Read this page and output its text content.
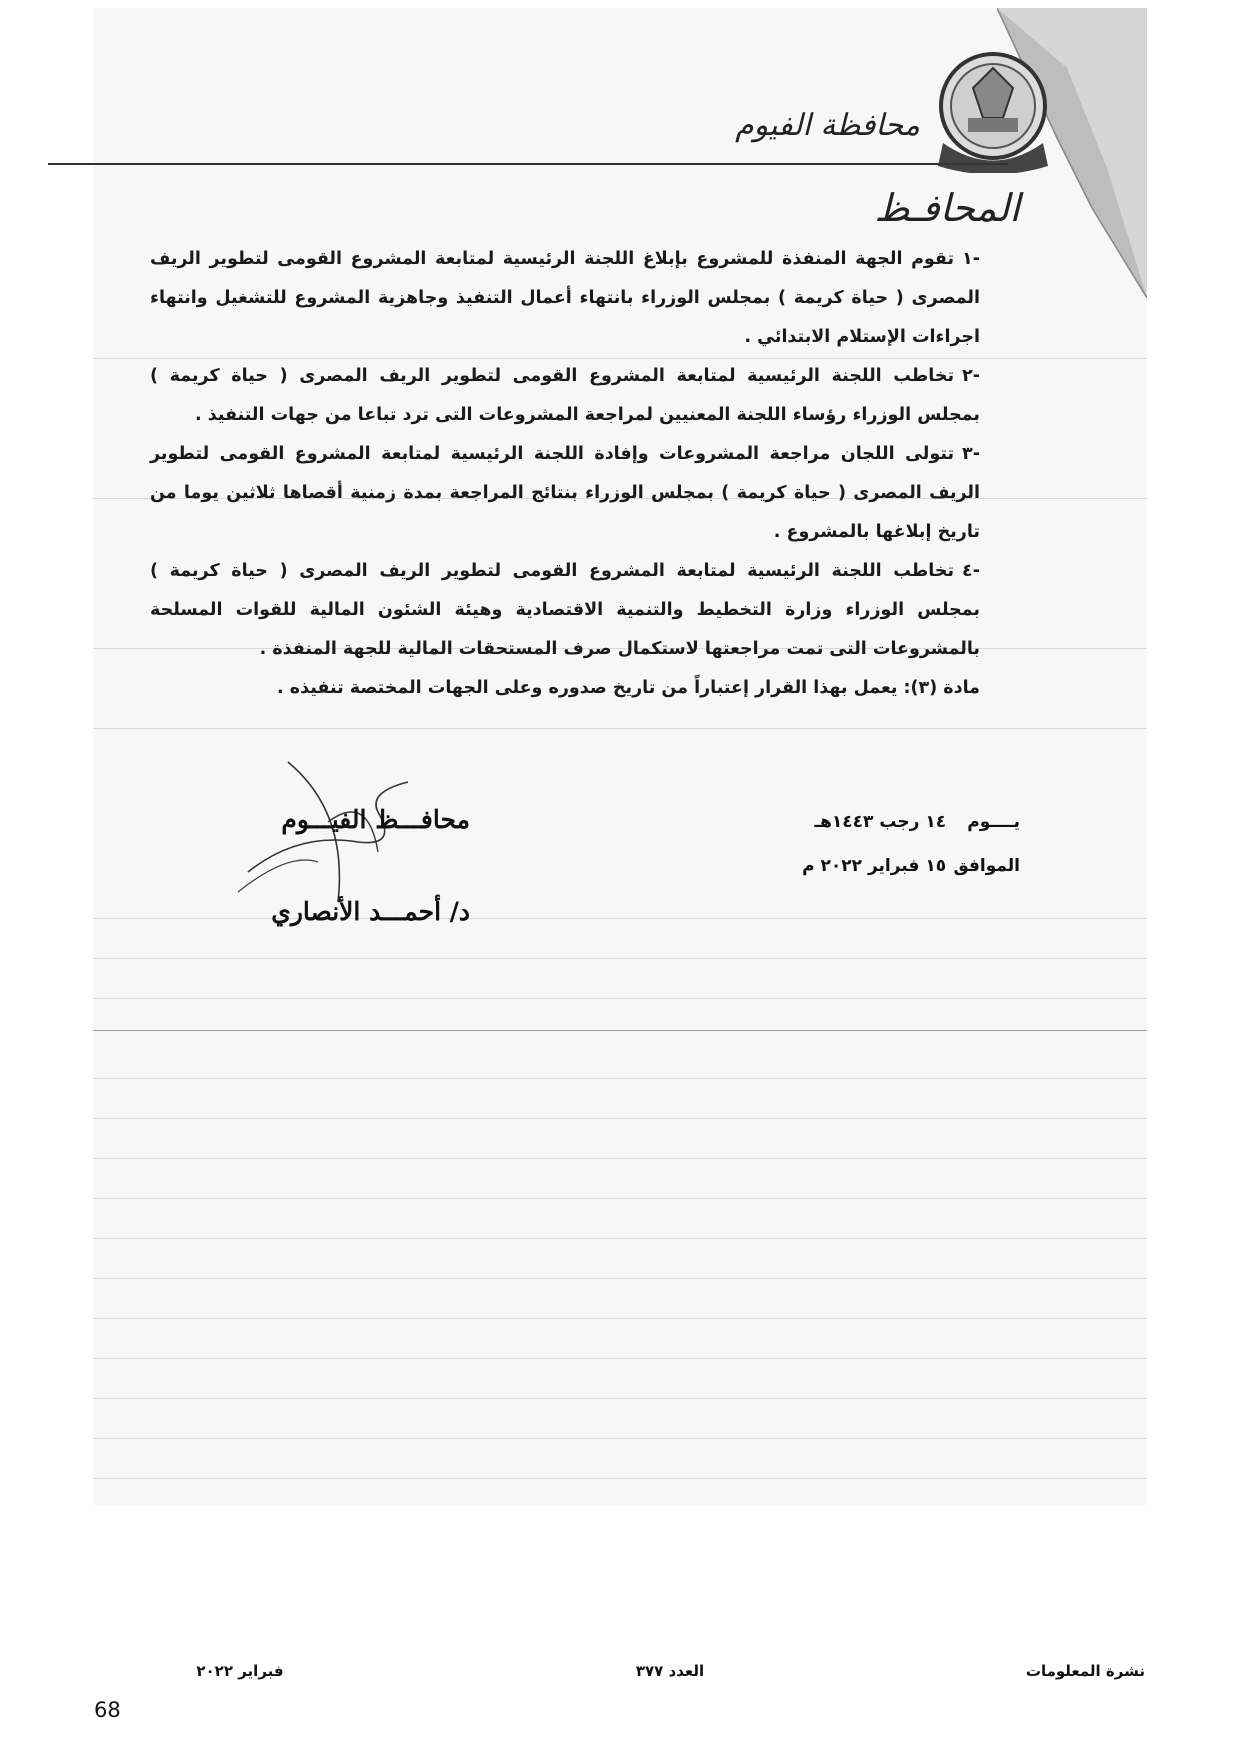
محافظة الفيوم
المحافـظ

-١تقوم الجهة المنفذة للمشروع بإبلاغ اللجنة الرئيسية لمتابعة المشروع القومى لتطوير الريف المصرى ( حياة كريمة ) بمجلس الوزراء بانتهاء أعمال التنفيذ وجاهزية المشروع للتشغيل وانتهاء اجراءات الإستلام الابتدائي .

-٢تخاطب اللجنة الرئيسية لمتابعة المشروع القومى لتطوير الريف المصرى ( حياة كريمة ) بمجلس الوزراء رؤساء اللجنة المعنيين لمراجعة المشروعات التى ترد تباعا من جهات التنفيذ .

-٣تتولى اللجان مراجعة المشروعات وإفادة اللجنة الرئيسية لمتابعة المشروع القومى لتطوير الريف المصرى ( حياة كريمة ) بمجلس الوزراء بنتائج المراجعة بمدة زمنية أقصاها ثلاثين يوما من تاريخ إبلاغها بالمشروع .

-٤تخاطب اللجنة الرئيسية لمتابعة المشروع القومى لتطوير الريف المصرى ( حياة كريمة ) بمجلس الوزراء وزارة التخطيط والتنمية الاقتصادية وهيئة الشئون المالية للقوات المسلحة بالمشروعات التى تمت مراجعتها لاستكمال صرف المستحقات المالية للجهة المنفذة .

مادة (٣): يعمل بهذا القرار إعتباراً من تاريخ صدوره وعلى الجهات المختصة تنفيذه .

يــــوم ١٤ رجب ١٤٤٣هـ
الموافق ١٥ فبراير ٢٠٢٢ م
محافـــظ الفيـــوم
د/ أحمـــد الأنصاري
نشرة المعلومات
العدد ٣٧٧
فبراير ٢٠٢٢
68
